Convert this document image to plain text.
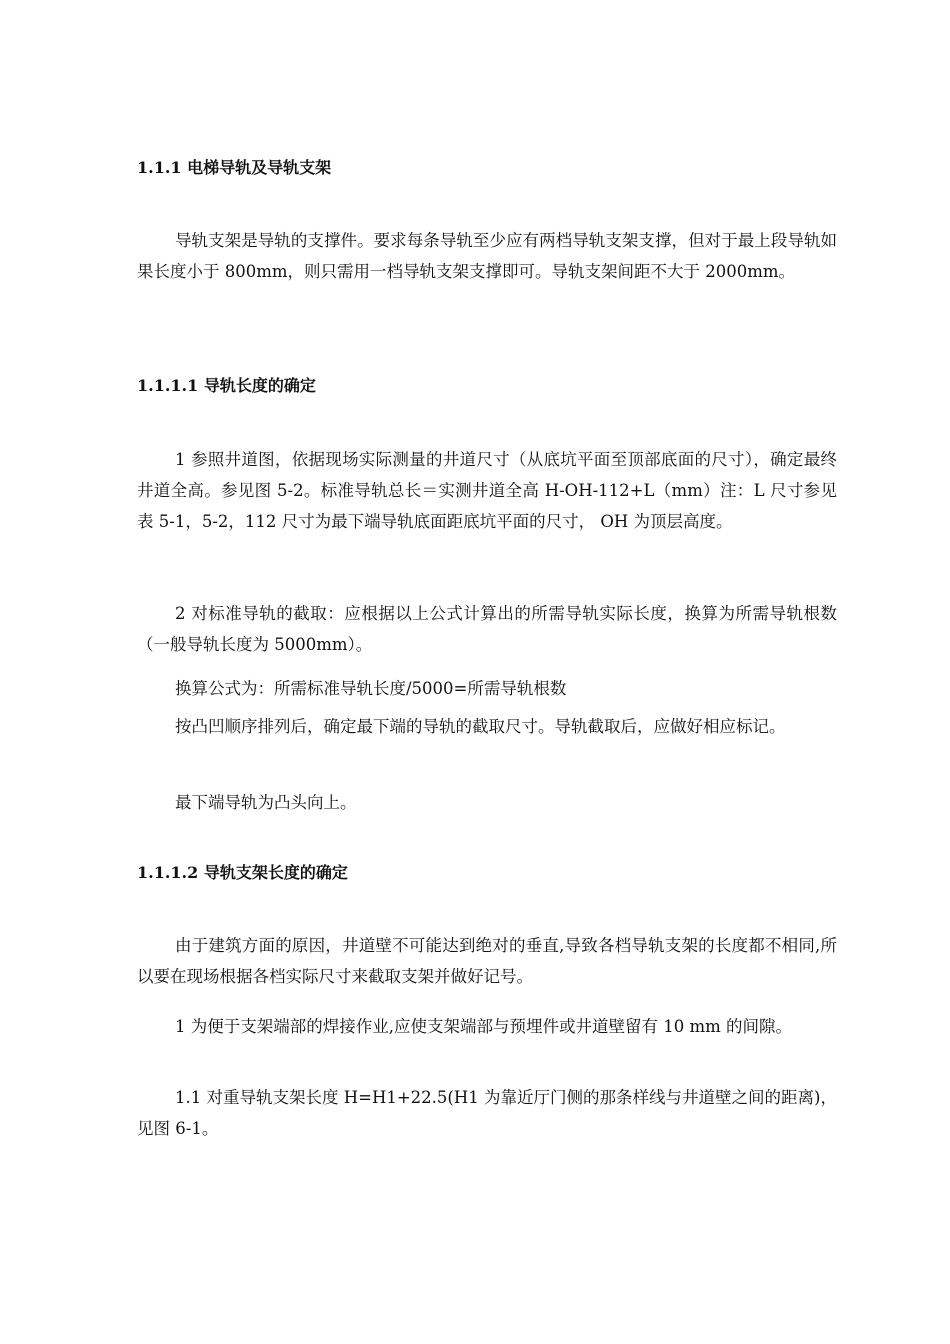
1.1.1 电梯导轨及导轨支架

导轨支架是导轨的支撑件。要求每条导轨至少应有两档导轨支架支撑，但对于最上段导轨如果长度小于 800mm，则只需用一档导轨支架支撑即可。导轨支架间距不大于 2000mm。

1.1.1.1 导轨长度的确定

1 参照井道图，依据现场实际测量的井道尺寸（从底坑平面至顶部底面的尺寸），确定最终井道全高。参见图 5-2。标准导轨总长＝实测井道全高 H-OH-112+L（mm）注：L 尺寸参见表 5-1，5-2，112 尺寸为最下端导轨底面距底坑平面的尺寸， OH 为顶层高度。

2 对标准导轨的截取：应根据以上公式计算出的所需导轨实际长度，换算为所需导轨根数（一般导轨长度为 5000mm）。

换算公式为：所需标准导轨长度/5000=所需导轨根数

按凸凹顺序排列后，确定最下端的导轨的截取尺寸。导轨截取后，应做好相应标记。

最下端导轨为凸头向上。

1.1.1.2 导轨支架长度的确定

由于建筑方面的原因，井道壁不可能达到绝对的垂直,导致各档导轨支架的长度都不相同,所以要在现场根据各档实际尺寸来截取支架并做好记号。

1 为便于支架端部的焊接作业,应使支架端部与预埋件或井道壁留有 10 mm 的间隙。

1.1 对重导轨支架长度 H=H1+22.5(H1 为靠近厅门侧的那条样线与井道壁之间的距离)，见图 6-1。
